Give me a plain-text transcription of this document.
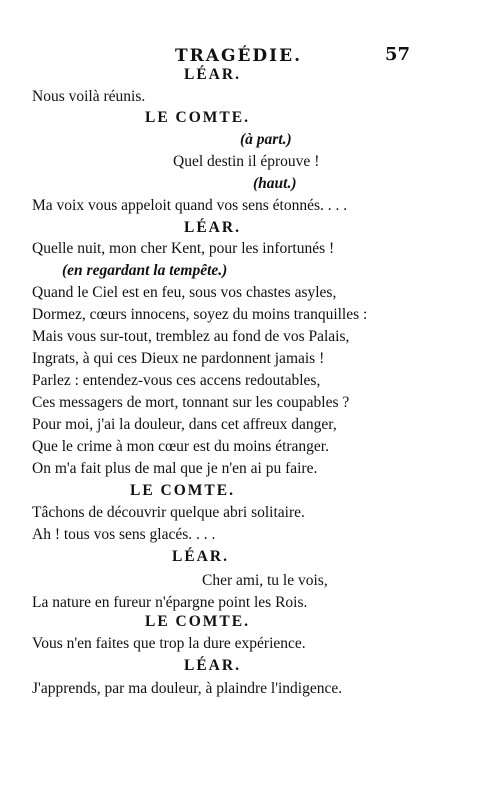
TRAGÉDIE.	57
LÉAR.
Nous voilà réunis.
LE COMTE.
(à part.)
Quel destin il éprouve !
(haut.)
Ma voix vous appeloit quand vos sens étonnés. . . .
LÉAR.
Quelle nuit, mon cher Kent, pour les infortunés !
(en regardant la tempête.)
Quand le Ciel est en feu, sous vos chastes asyles,
Dormez, cœurs innocens, soyez du moins tranquilles :
Mais vous sur-tout, tremblez au fond de vos Palais,
Ingrats, à qui ces Dieux ne pardonnent jamais !
Parlez : entendez-vous ces accens redoutables,
Ces messagers de mort, tonnant sur les coupables ?
Pour moi, j'ai la douleur, dans cet affreux danger,
Que le crime à mon cœur est du moins étranger.
On m'a fait plus de mal que je n'en ai pu faire.
LE COMTE.
Tâchons de découvrir quelque abri solitaire.
Ah ! tous vos sens glacés. . . .
LÉAR.
Cher ami, tu le vois,
La nature en fureur n'épargne point les Rois.
LE COMTE.
Vous n'en faites que trop la dure expérience.
LÉAR.
J'apprends, par ma douleur, à plaindre l'indigence.
